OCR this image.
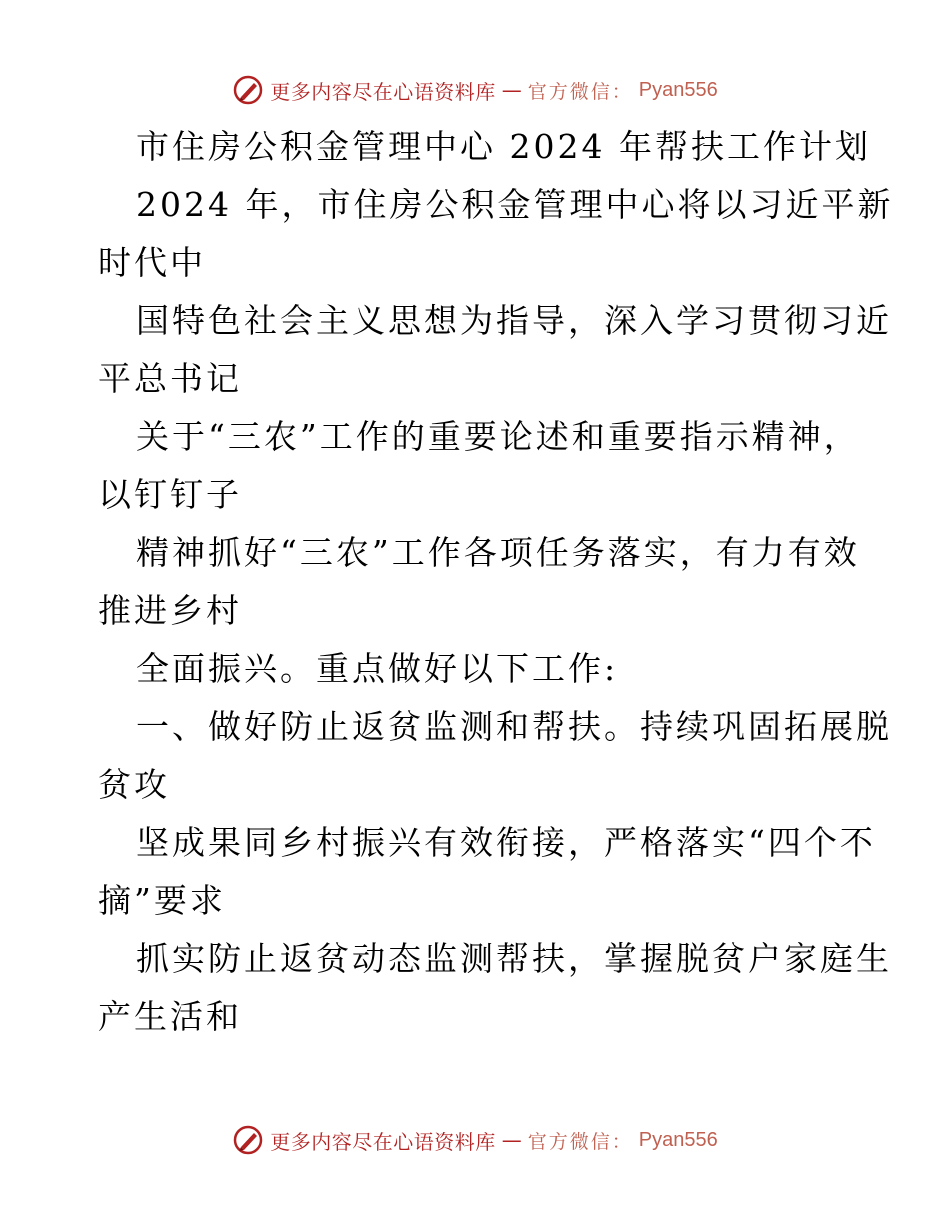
更多内容尽在心语资料库 — 官方微信： Pyan556
市住房公积金管理中心 2024 年帮扶工作计划
2024 年，市住房公积金管理中心将以习近平新
时代中
国特色社会主义思想为指导，深入学习贯彻习近
平总书记
关于“三农”工作的重要论述和重要指示精神，
以钉钉子
精神抓好“三农”工作各项任务落实，有力有效
推进乡村
全面振兴。重点做好以下工作:
一、做好防止返贫监测和帮扶。持续巩固拓展脱
贫攻
坚成果同乡村振兴有效衔接，严格落实“四个不
摘”要求
抓实防止返贫动态监测帮扶，掌握脱贫户家庭生
产生活和
更多内容尽在心语资料库 — 官方微信： Pyan556
